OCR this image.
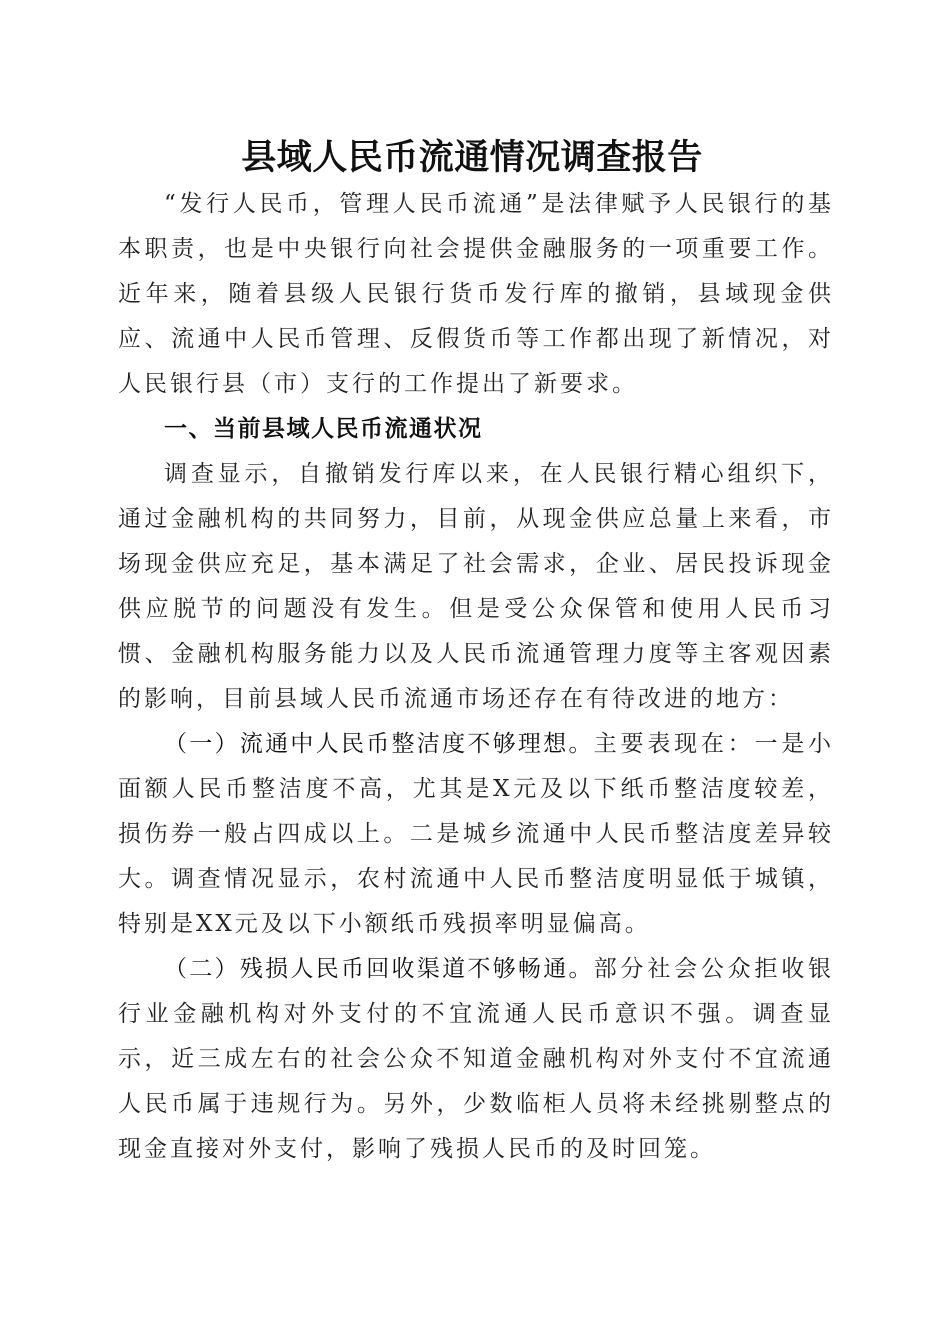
县域人民币流通情况调查报告

“发行人民币，管理人民币流通”是法律赋予人民银行的基本职责，也是中央银行向社会提供金融服务的一项重要工作。近年来，随着县级人民银行货币发行库的撤销，县域现金供应、流通中人民币管理、反假货币等工作都出现了新情况，对人民银行县（市）支行的工作提出了新要求。

一、当前县域人民币流通状况

调查显示，自撤销发行库以来，在人民银行精心组织下，通过金融机构的共同努力，目前，从现金供应总量上来看，市场现金供应充足，基本满足了社会需求，企业、居民投诉现金供应脱节的问题没有发生。但是受公众保管和使用人民币习惯、金融机构服务能力以及人民币流通管理力度等主客观因素的影响，目前县域人民币流通市场还存在有待改进的地方：

（一）流通中人民币整洁度不够理想。主要表现在：一是小面额人民币整洁度不高，尤其是X元及以下纸币整洁度较差，损伤券一般占四成以上。二是城乡流通中人民币整洁度差异较大。调查情况显示，农村流通中人民币整洁度明显低于城镇，特别是XX元及以下小额纸币残损率明显偏高。

（二）残损人民币回收渠道不够畅通。部分社会公众拒收银行业金融机构对外支付的不宜流通人民币意识不强。调查显示，近三成左右的社会公众不知道金融机构对外支付不宜流通人民币属于违规行为。另外，少数临柜人员将未经挑剔整点的现金直接对外支付，影响了残损人民币的及时回笼。
